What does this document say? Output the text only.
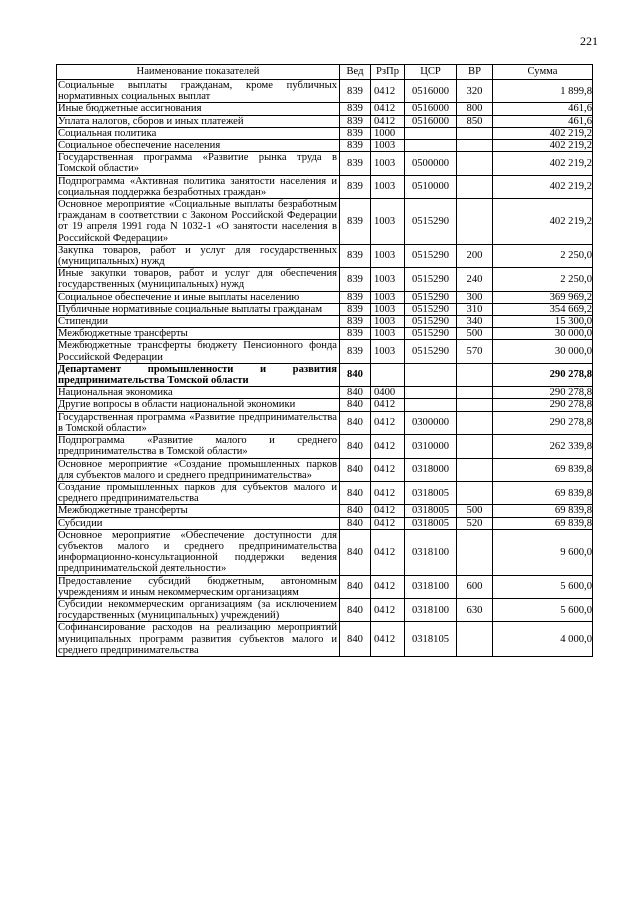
221
Наименование показателей	Вед	РзПр	ЦСР	ВР	Сумма
Социальные выплаты гражданам, кроме публичных нормативных социальных выплат	839	0412	0516000	320	1 899,8
Иные бюджетные ассигнования	839	0412	0516000	800	461,6
Уплата налогов, сборов и иных платежей	839	0412	0516000	850	461,6
Социальная политика	839	1000			402 219,2
Социальное обеспечение населения	839	1003			402 219,2
Государственная программа «Развитие рынка труда в Томской области»	839	1003	0500000		402 219,2
Подпрограмма «Активная политика занятости населения и социальная поддержка безработных граждан»	839	1003	0510000		402 219,2
Основное мероприятие «Социальные выплаты безработным гражданам в соответствии с Законом Российской Федерации от 19 апреля 1991 года N 1032-1 «О занятости населения в Российской Федерации»	839	1003	0515290		402 219,2
Закупка товаров, работ и услуг для государственных (муниципальных) нужд	839	1003	0515290	200	2 250,0
Иные закупки товаров, работ и услуг для обеспечения государственных (муниципальных) нужд	839	1003	0515290	240	2 250,0
Социальное обеспечение и иные выплаты населению	839	1003	0515290	300	369 969,2
Публичные нормативные социальные выплаты гражданам	839	1003	0515290	310	354 669,2
Стипендии	839	1003	0515290	340	15 300,0
Межбюджетные трансферты	839	1003	0515290	500	30 000,0
Межбюджетные трансферты бюджету Пенсионного фонда Российской Федерации	839	1003	0515290	570	30 000,0
Департамент промышленности и развития предпринимательства Томской области	840				290 278,8
Национальная экономика	840	0400			290 278,8
Другие вопросы в области национальной экономики	840	0412			290 278,8
Государственная программа «Развитие предпринимательства в Томской области»	840	0412	0300000		290 278,8
Подпрограмма «Развитие малого и среднего предпринимательства в Томской области»	840	0412	0310000		262 339,8
Основное мероприятие «Создание промышленных парков для субъектов малого и среднего предпринимательства»	840	0412	0318000		69 839,8
Создание промышленных парков для субъектов малого и среднего предпринимательства	840	0412	0318005		69 839,8
Межбюджетные трансферты	840	0412	0318005	500	69 839,8
Субсидии	840	0412	0318005	520	69 839,8
Основное мероприятие «Обеспечение доступности для субъектов малого и среднего предпринимательства информационно-консультационной поддержки ведения предпринимательской деятельности»	840	0412	0318100		9 600,0
Предоставление субсидий бюджетным, автономным учреждениям и иным некоммерческим организациям	840	0412	0318100	600	5 600,0
Субсидии некоммерческим организациям (за исключением государственных (муниципальных) учреждений)	840	0412	0318100	630	5 600,0
Софинансирование расходов на реализацию мероприятий муниципальных программ развития субъектов малого и среднего предпринимательства	840	0412	0318105		4 000,0
